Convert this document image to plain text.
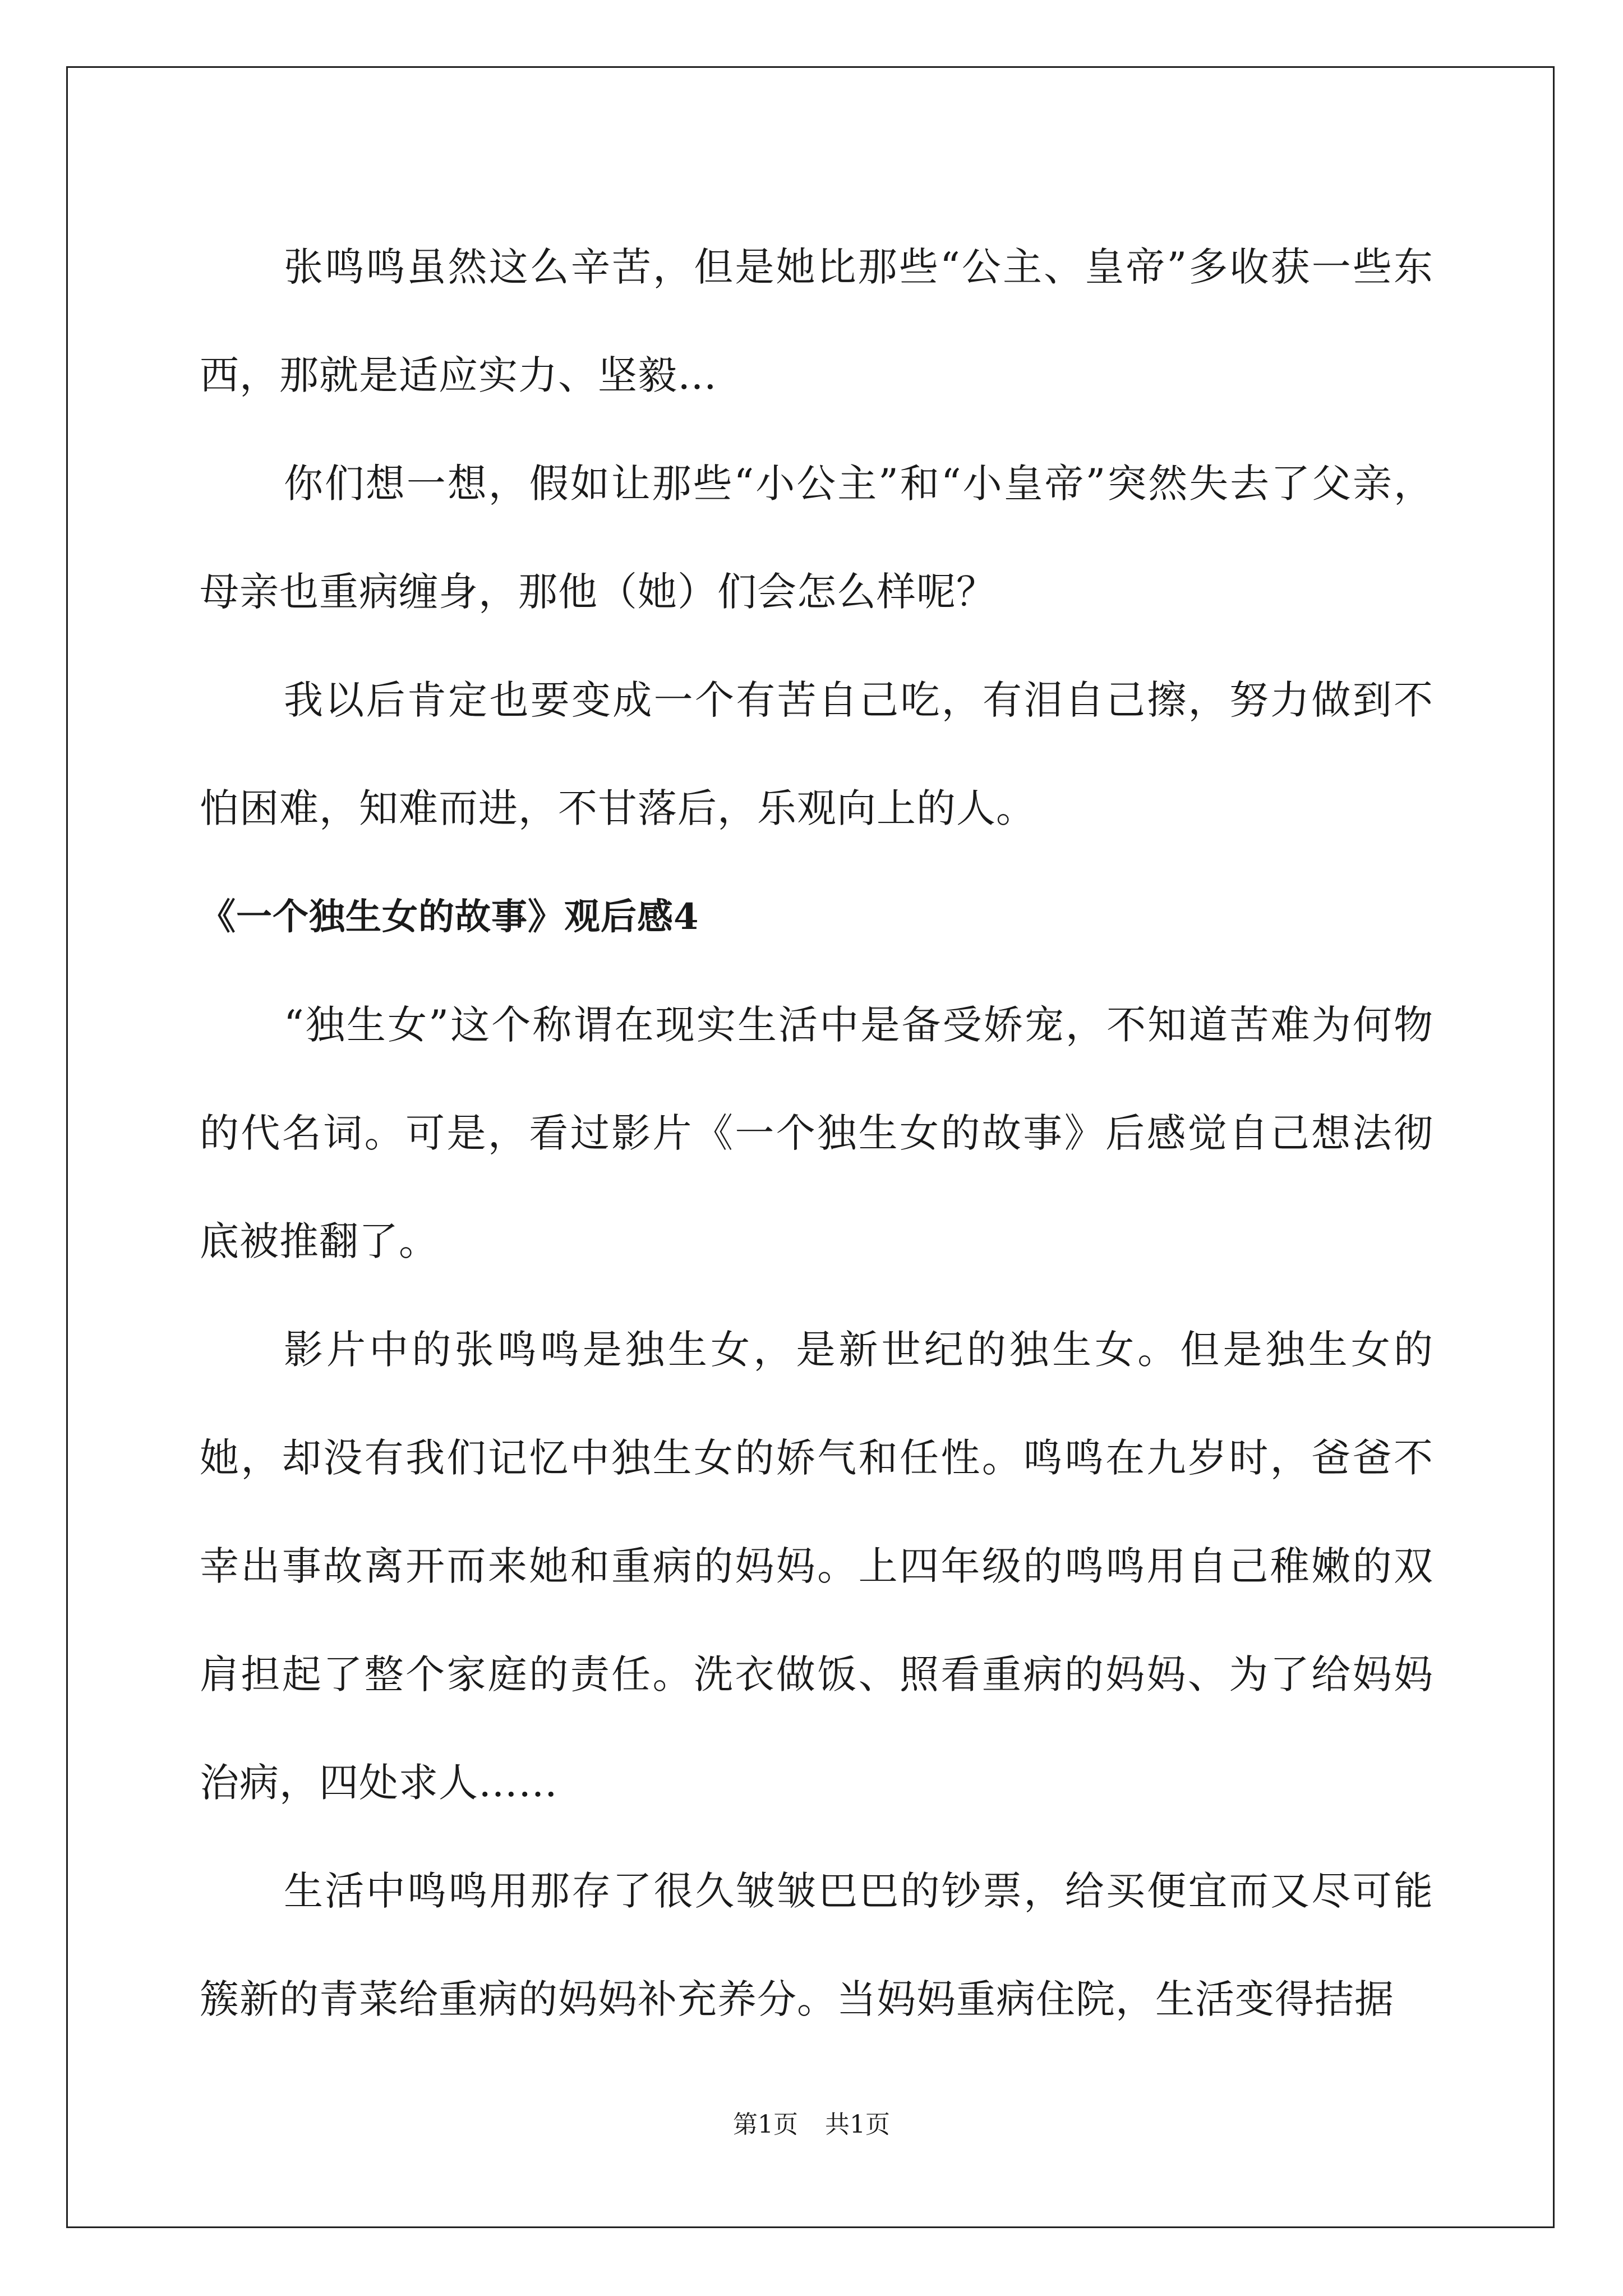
张鸣鸣虽然这么辛苦，但是她比那些“公主、皇帝”多收获一些东西，那就是适应实力、坚毅…

你们想一想，假如让那些“小公主”和“小皇帝”突然失去了父亲，母亲也重病缠身，那他（她）们会怎么样呢？

我以后肯定也要变成一个有苦自己吃，有泪自己擦，努力做到不怕困难，知难而进，不甘落后，乐观向上的人。

《一个独生女的故事》观后感4

“独生女”这个称谓在现实生活中是备受娇宠，不知道苦难为何物的代名词。可是，看过影片《一个独生女的故事》后感觉自己想法彻底被推翻了。

影片中的张鸣鸣是独生女，是新世纪的独生女。但是独生女的她，却没有我们记忆中独生女的娇气和任性。鸣鸣在九岁时，爸爸不幸出事故离开而来她和重病的妈妈。上四年级的鸣鸣用自己稚嫩的双肩担起了整个家庭的责任。洗衣做饭、照看重病的妈妈、为了给妈妈治病，四处求人……

生活中鸣鸣用那存了很久皱皱巴巴的钞票，给买便宜而又尽可能簇新的青菜给重病的妈妈补充养分。当妈妈重病住院，生活变得拮据

第1页 共1页
